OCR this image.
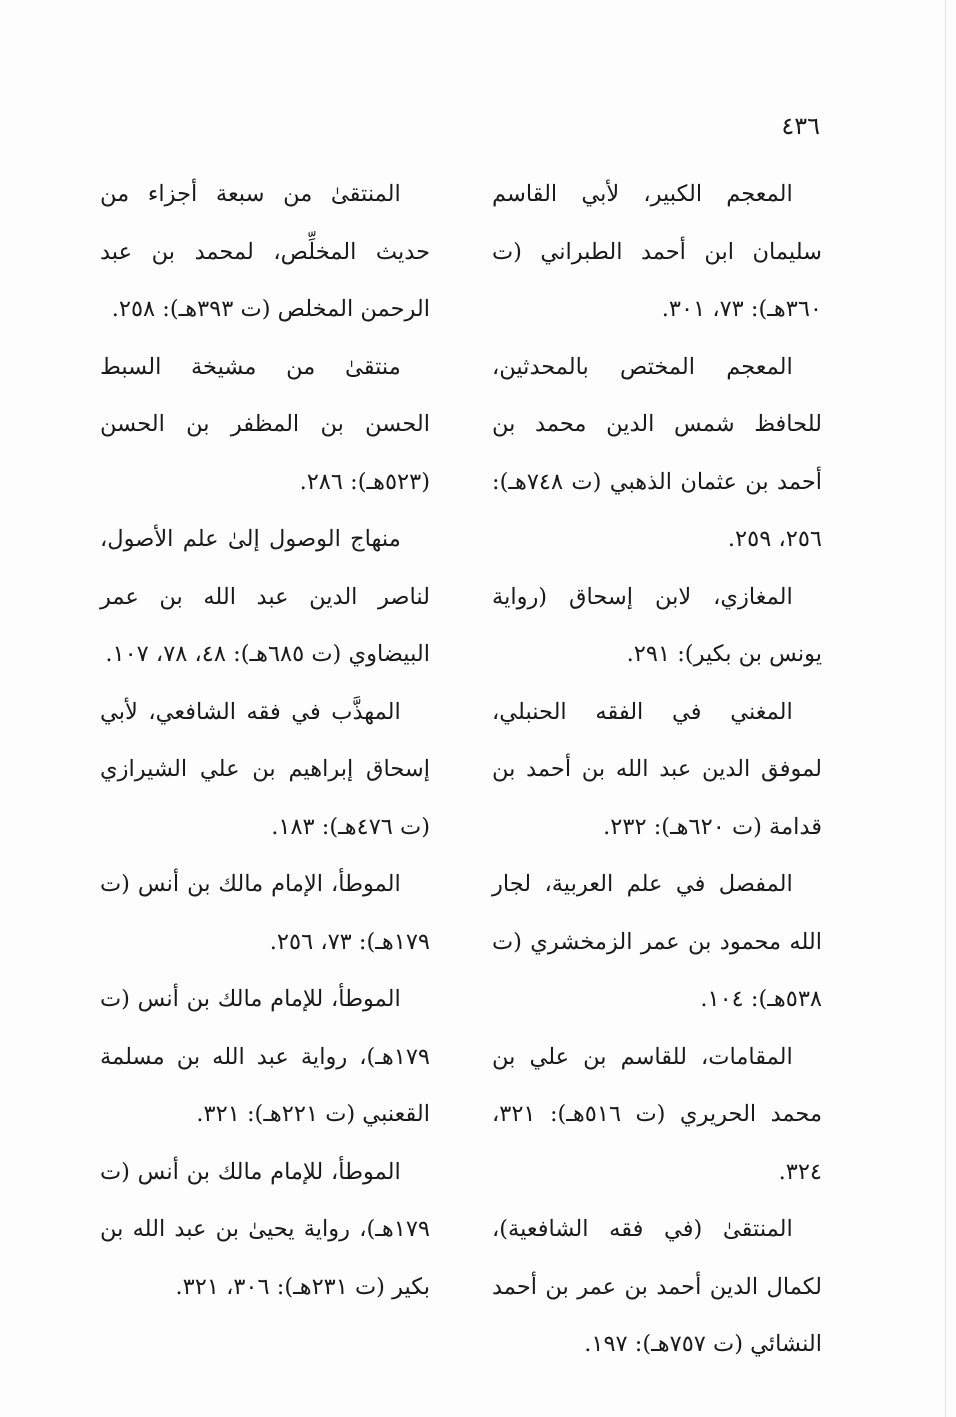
٤٣٦

المعجم الكبير، لأبي القاسم سليمان ابن أحمد الطبراني (ت ٣٦٠هـ): ٧٣، ٣٠١.

المعجم المختص بالمحدثين، للحافظ شمس الدين محمد بن أحمد بن عثمان الذهبي (ت ٧٤٨هـ): ٢٥٦، ٢٥٩.

المغازي، لابن إسحاق (رواية يونس بن بكير): ٢٩١.

المغني في الفقه الحنبلي، لموفق الدين عبد الله بن أحمد بن قدامة (ت ٦٢٠هـ): ٢٣٢.

المفصل في علم العربية، لجار الله محمود بن عمر الزمخشري (ت ٥٣٨هـ): ١٠٤.

المقامات، للقاسم بن علي بن محمد الحريري (ت ٥١٦هـ): ٣٢١، ٣٢٤.

المنتقىٰ (في فقه الشافعية)، لكمال الدين أحمد بن عمر بن أحمد النشائي (ت ٧٥٧هـ): ١٩٧.

المنتقىٰ من سبعة أجزاء من حديث المخلِّص، لمحمد بن عبد الرحمن المخلص (ت ٣٩٣هـ): ٢٥٨.

منتقىٰ من مشيخة السبط الحسن بن المظفر بن الحسن (٥٢٣هـ): ٢٨٦.

منهاج الوصول إلىٰ علم الأصول، لناصر الدين عبد الله بن عمر البيضاوي (ت ٦٨٥هـ): ٤٨، ٧٨، ١٠٧.

المهذَّب في فقه الشافعي، لأبي إسحاق إبراهيم بن علي الشيرازي (ت ٤٧٦هـ): ١٨٣.

الموطأ، الإمام مالك بن أنس (ت ١٧٩هـ): ٧٣، ٢٥٦.

الموطأ، للإمام مالك بن أنس (ت ١٧٩هـ)، رواية عبد الله بن مسلمة القعنبي (ت ٢٢١هـ): ٣٢١.

الموطأ، للإمام مالك بن أنس (ت ١٧٩هـ)، رواية يحيىٰ بن عبد الله بن بكير (ت ٢٣١هـ): ٣٠٦، ٣٢١.
